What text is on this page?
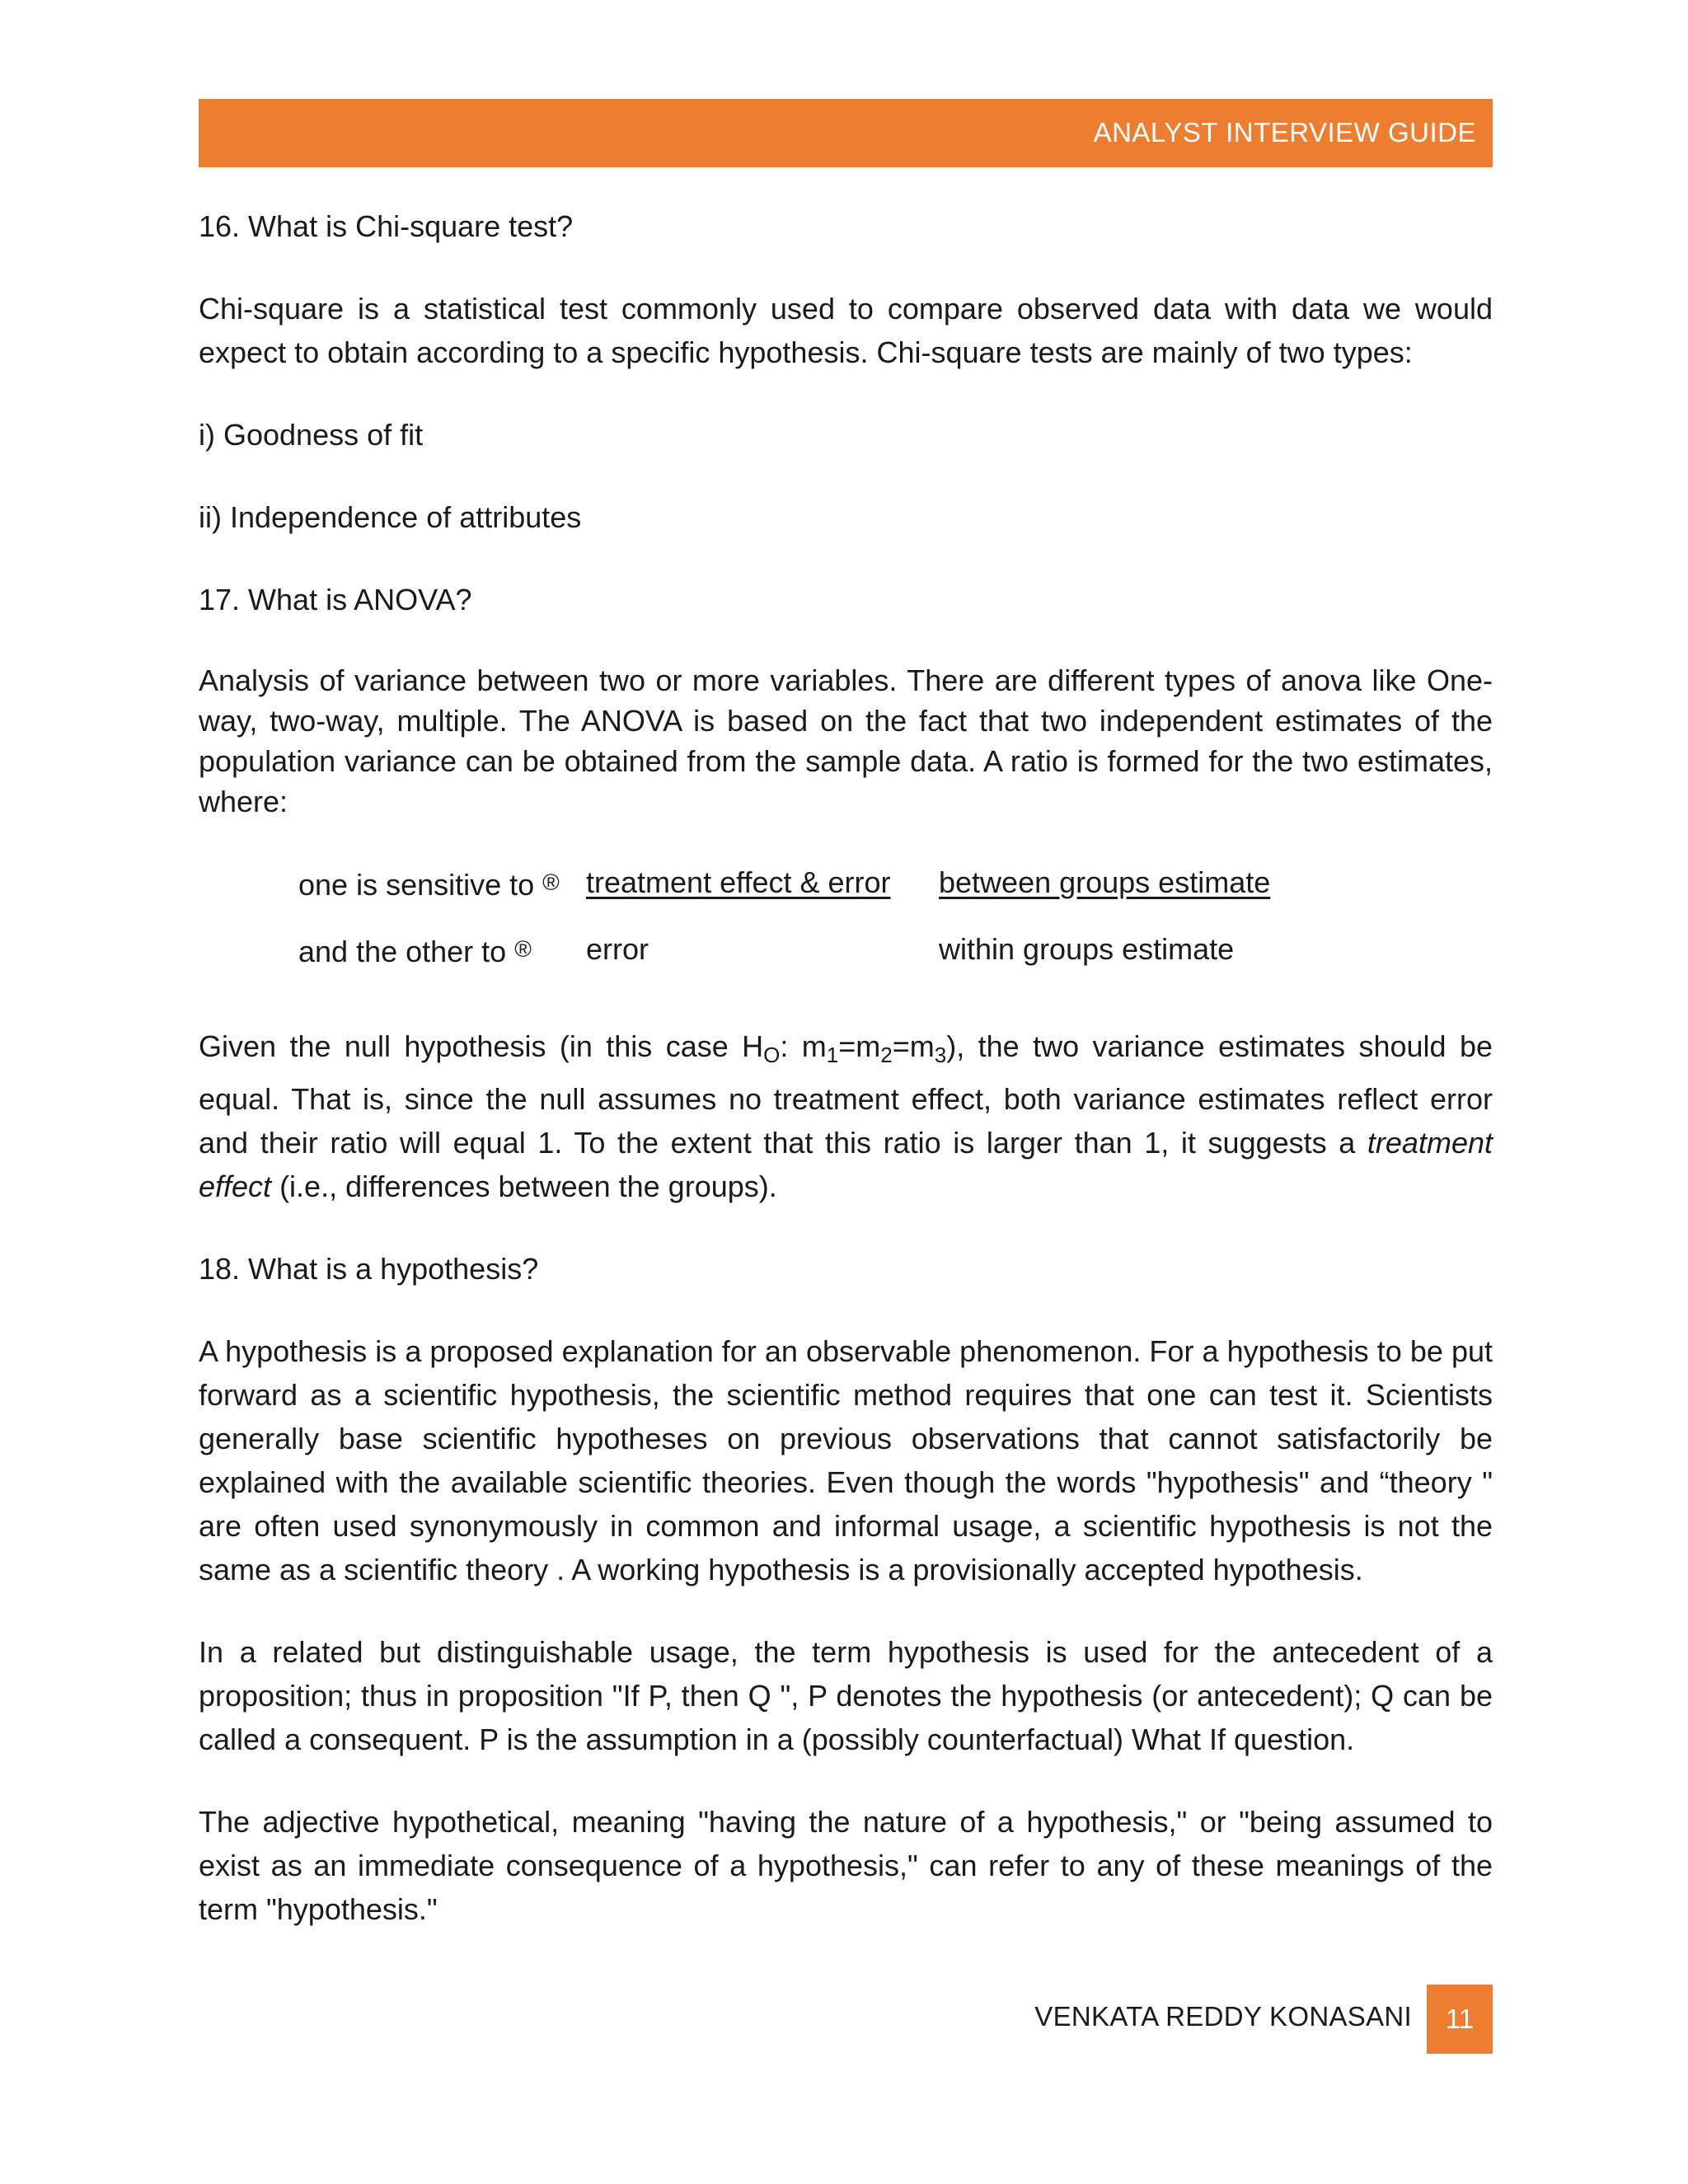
ANALYST INTERVIEW GUIDE
16. What is Chi-square test?
Chi-square is a statistical test commonly used to compare observed data with data we would expect to obtain according to a specific hypothesis. Chi-square tests are mainly of two types:
i) Goodness of fit
ii) Independence of attributes
17. What is ANOVA?
Analysis of variance between two or more variables. There are different types of anova like One-way, two-way, multiple. The ANOVA is based on the fact that two independent estimates of the population variance can be obtained from the sample data. A ratio is formed for the two estimates, where:
one is sensitive to ® treatment effect & error between groups estimate
and the other to ® error	within groups estimate
Given the null hypothesis (in this case $H_O$: $m_1=m_2=m_3$), the two variance estimates should be equal. That is, since the null assumes no treatment effect, both variance estimates reflect error and their ratio will equal 1. To the extent that this ratio is larger than 1, it suggests a treatment effect (i.e., differences between the groups).
18. What is a hypothesis?
A hypothesis is a proposed explanation for an observable phenomenon. For a hypothesis to be put forward as a scientific hypothesis, the scientific method requires that one can test it. Scientists generally base scientific hypotheses on previous observations that cannot satisfactorily be explained with the available scientific theories. Even though the words "hypothesis" and “theory " are often used synonymously in common and informal usage, a scientific hypothesis is not the same as a scientific theory . A working hypothesis is a provisionally accepted hypothesis.
In a related but distinguishable usage, the term hypothesis is used for the antecedent of a proposition; thus in proposition "If P, then Q ", P denotes the hypothesis (or antecedent); Q can be called a consequent. P is the assumption in a (possibly counterfactual) What If question.
The adjective hypothetical, meaning "having the nature of a hypothesis," or "being assumed to exist as an immediate consequence of a hypothesis," can refer to any of these meanings of the term "hypothesis."
VENKATA REDDY KONASANI	11
